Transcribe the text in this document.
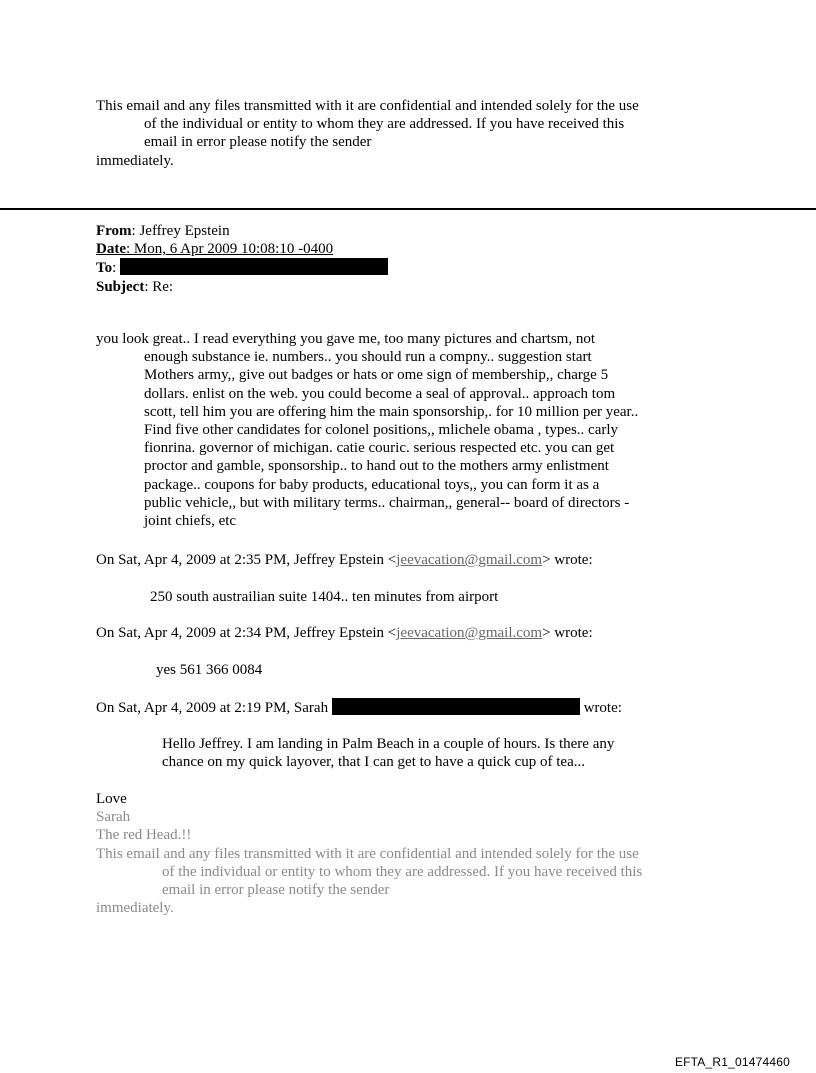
This email and any files transmitted with it are confidential and intended solely for the use
of the individual or entity to whom they are addressed. If you have received this
email in error please notify the sender
immediately.
From: Jeffrey Epstein
Date: Mon, 6 Apr 2009 10:08:10 -0400
To:
Subject: Re:
you look great.. I read everything you gave me, too many pictures and chartsm, not
enough substance ie. numbers.. you should run a compny.. suggestion start
Mothers army,, give out badges or hats or ome sign of membership,, charge 5
dollars. enlist on the web. you could become a seal of approval.. approach tom
scott, tell him you are offering him the main sponsorship,. for 10 million per year..
Find five other candidates for colonel positions,, mlichele obama , types.. carly
fionrina. governor of michigan. catie couric. serious respected etc. you can get
proctor and gamble, sponsorship.. to hand out to the mothers army enlistment
package.. coupons for baby products, educational toys,, you can form it as a
public vehicle,, but with military terms.. chairman,, general-- board of directors -
joint chiefs, etc
On Sat, Apr 4, 2009 at 2:35 PM, Jeffrey Epstein <jeevacation@gmail.com> wrote:
250 south austrailian suite 1404.. ten minutes from airport
On Sat, Apr 4, 2009 at 2:34 PM, Jeffrey Epstein <jeevacation@gmail.com> wrote:
yes 561 366 0084
On Sat, Apr 4, 2009 at 2:19 PM, Sarah	wrote:
Hello Jeffrey. I am landing in Palm Beach in a couple of hours. Is there any
chance on my quick layover, that I can get to have a quick cup of tea...
Love
Sarah
The red Head.!!
This email and any files transmitted with it are confidential and intended solely for the use
of the individual or entity to whom they are addressed. If you have received this
email in error please notify the sender
immediately.
EFTA_R1_01474460
